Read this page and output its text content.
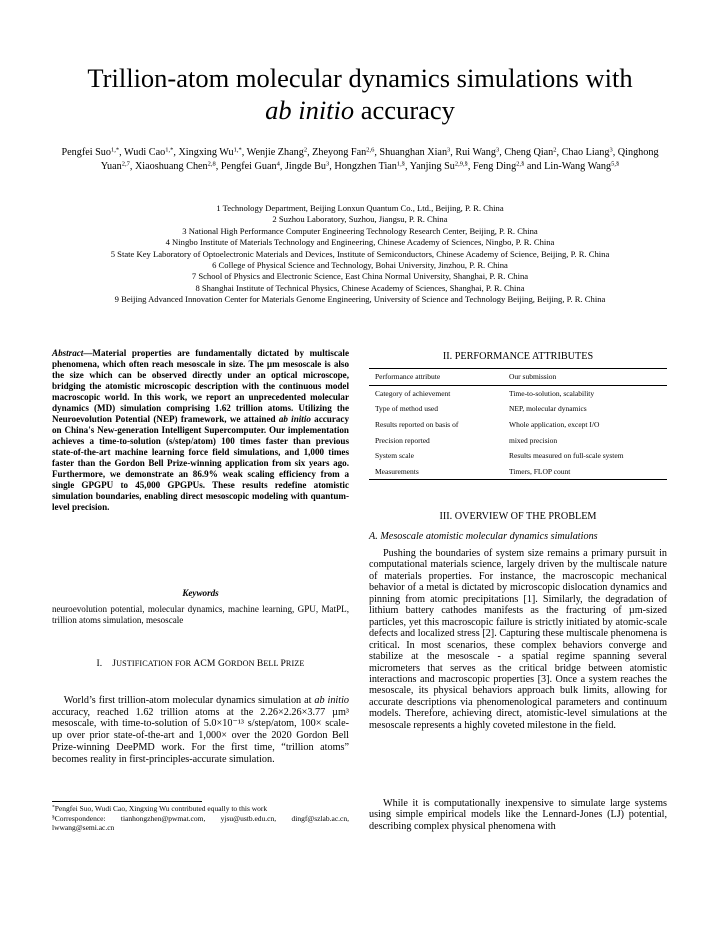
Trillion-atom molecular dynamics simulations with
ab initio accuracy
Pengfei Suo$^{1,*}$, Wudi Cao$^{1,*}$, Xingxing $Wu^{1,*}$, Wenjie Zhang$^2$, Zheyong Fan$^{2,6}$, Shuanghan Xian$^3$, Rui Wang$^3$, Cheng Qian$^2$, Chao Liang$^3$, Qinghong Yuan$^{2,7}$, Xiaoshuang Chen$^{2,8}$, Pengfei Guan$^4$, Jingde Bu$^3$, Hongzhen Tian$^{1,\S}$, Yanjing $Su^{2,9,\S}$, Feng Ding$^{2,\S}$ and Lin-Wang Wang$^{5,\S}$
1 Technology Department, Beijing Lonxun Quantum Co., Ltd., Beijing, P. R. China
2 Suzhou Laboratory, Suzhou, Jiangsu, P. R. China
3 National High Performance Computer Engineering Technology Research Center, Beijing, P. R. China
4 Ningbo Institute of Materials Technology and Engineering, Chinese Academy of Sciences, Ningbo, P. R. China
5 State Key Laboratory of Optoelectronic Materials and Devices, Institute of Semiconductors, Chinese Academy of Science, Beijing, P. R. China
6 College of Physical Science and Technology, Bohai University, Jinzhou, P. R. China
7 School of Physics and Electronic Science, East China Normal University, Shanghai, P. R. China
8 Shanghai Institute of Technical Physics, Chinese Academy of Sciences, Shanghai, P. R. China
9 Beijing Advanced Innovation Center for Materials Genome Engineering, University of Science and Technology Beijing, Beijing, P. R. China
Abstract—Material properties are fundamentally dictated by multiscale phenomena, which often reach mesoscale in size. The µm mesoscale is also the size which can be observed directly under an optical microscope, bridging the atomistic microscopic description with the continuous model macroscopic world. In this work, we report an unprecedented molecular dynamics (MD) simulation comprising 1.62 trillion atoms. Utilizing the Neuroevolution Potential (NEP) framework, we attained ab initio accuracy on China's New-generation Intelligent Supercomputer. Our implementation achieves a time-to-solution (s/step/atom) 100 times faster than previous state-of-the-art machine learning force field simulations, and 1,000 times faster than the Gordon Bell Prize-winning application from six years ago. Furthermore, we demonstrate an 86.9% weak scaling efficiency from a single GPGPU to 45,000 GPGPUs. These results redefine atomistic simulation boundaries, enabling direct mesoscopic modeling with quantum-level precision.
Keywords
neuroevolution potential, molecular dynamics, machine learning, GPU, MatPL, trillion atoms simulation, mesoscale
I. JUSTIFICATION FOR ACM GORDON BELL PRIZE
World’s first trillion-atom molecular dynamics simulation at ab initio accuracy, reached 1.62 trillion atoms at the 2.26×2.26×3.77 µm³ mesoscale, with time-to-solution of 5.0×10⁻¹³ s/step/atom, 100× scale-up over prior state-of-the-art and 1,000× over the 2020 Gordon Bell Prize-winning DeePMD work. For the first time, “trillion atoms” becomes reality in first-principles-accurate simulation.
*Pengfei Suo, Wudi Cao, Xingxing Wu contributed equally to this work
§Correspondence: tianhongzhen@pwmat.com, yjsu@ustb.edu.cn, dingf@szlab.ac.cn, lwwang@semi.ac.cn
II. PERFORMANCE ATTRIBUTES
Performance attribute	Our submission
Category of achievement	Time-to-solution, scalability
Type of method used	NEP, molecular dynamics
Results reported on basis of	Whole application, except I/O
Precision reported	mixed precision
System scale	Results measured on full-scale system
Measurements	Timers, FLOP count
III. OVERVIEW OF THE PROBLEM
A. Mesoscale atomistic molecular dynamics simulations
Pushing the boundaries of system size remains a primary pursuit in computational materials science, largely driven by the multiscale nature of materials properties. For instance, the macroscopic mechanical behavior of a metal is dictated by microscopic dislocation dynamics and pinning from atomic precipitations [1]. Similarly, the degradation of lithium battery cathodes manifests as the fracturing of µm-sized particles, yet this macroscopic failure is strictly initiated by atomic-scale defects and localized stress [2]. Capturing these multiscale phenomena is critical. In most scenarios, these complex behaviors converge and stabilize at the mesoscale - a spatial regime spanning several micrometers that serves as the critical bridge between atomistic interactions and macroscopic properties [3]. Once a system reaches the mesoscale, its physical behaviors approach bulk limits, allowing for accurate descriptions via phenomenological parameters and continuum models. Therefore, achieving direct, atomistic-level simulations at the mesoscale represents a highly coveted milestone in the field.
While it is computationally inexpensive to simulate large systems using simple empirical models like the Lennard-Jones (LJ) potential, describing complex physical phenomena with
